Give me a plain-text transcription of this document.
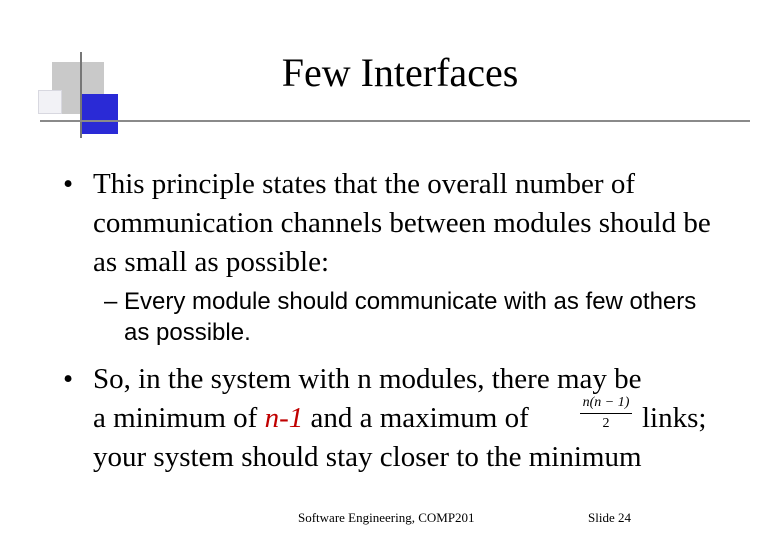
Few Interfaces
• This principle states that the overall number of communication channels between modules should be as small as possible:
– Every module should communicate with as few others as possible.
• So, in the system with n modules, there may be
a minimum of n-1 and a maximum of
your system should stay closer to the minimum
n(n − 1)
2	links;
Software Engineering, COMP201	Slide 24
